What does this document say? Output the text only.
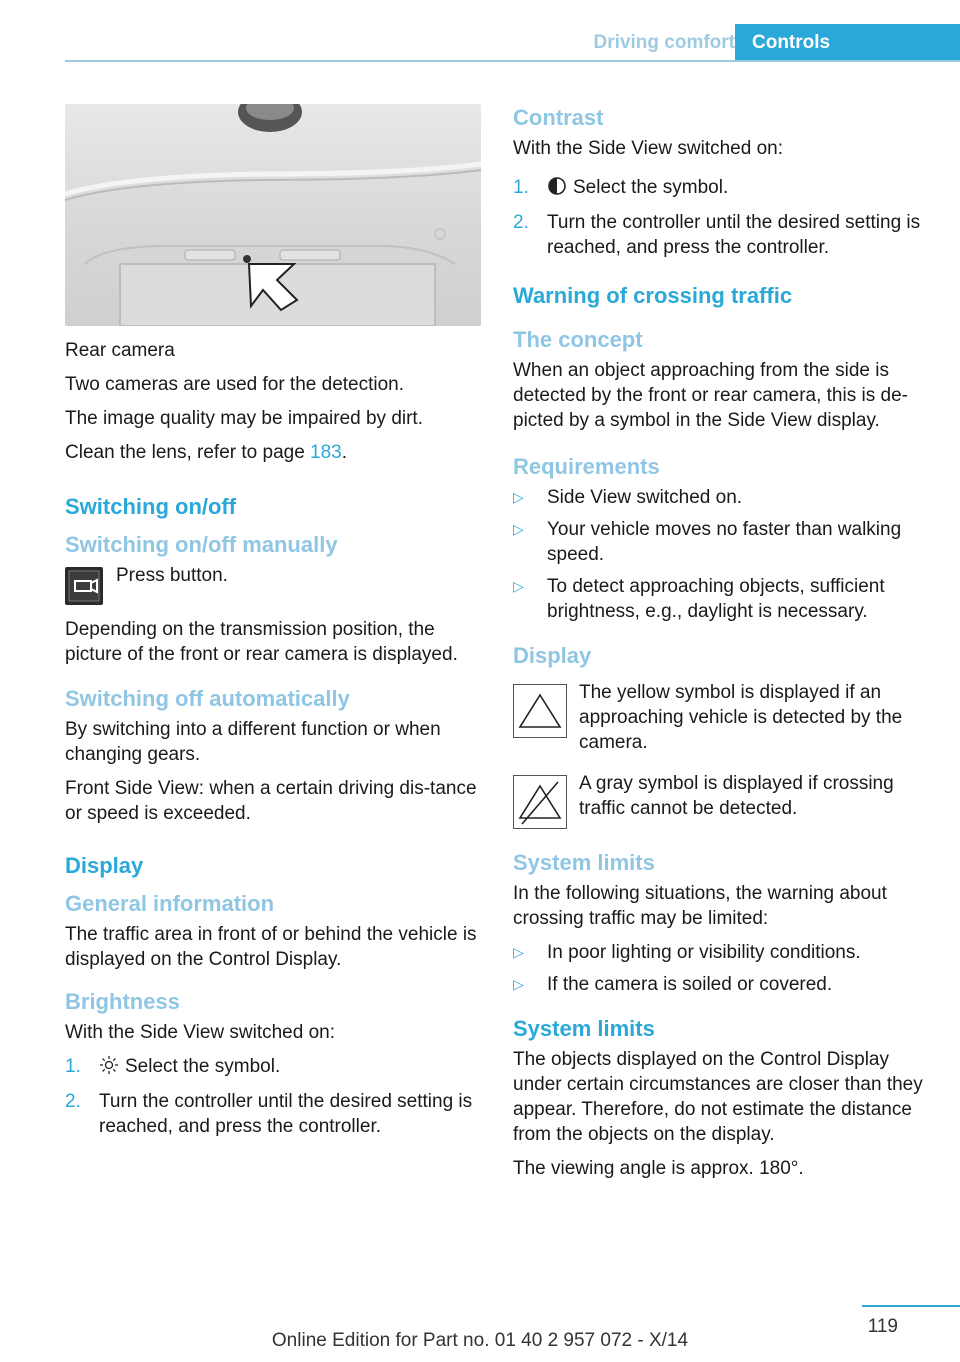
Driving comfort Controls

Rear camera

Two cameras are used for the detection.

The image quality may be impaired by dirt.

Clean the lens, refer to page 183.

Switching on/off
Switching on/off manually
Press button.

Depending on the transmission position, the picture of the front or rear camera is displayed.

Switching off automatically

By switching into a different function or when changing gears.

Front Side View: when a certain driving dis‐tance or speed is exceeded.

Display
General information

The traffic area in front of or behind the vehicle is displayed on the Control Display.

Brightness

With the Side View switched on:

1. Select the symbol.
2. Turn the controller until the desired setting is reached, and press the controller.
Contrast

With the Side View switched on:

1. Select the symbol.
2. Turn the controller until the desired setting is reached, and press the controller.
Warning of crossing traffic
The concept

When an object approaching from the side is detected by the front or rear camera, this is de‐picted by a symbol in the Side View display.

Requirements
▷ Side View switched on.
▷ Your vehicle moves no faster than walking speed.
▷ To detect approaching objects, sufficient brightness, e.g., daylight is necessary.
Display
The yellow symbol is displayed if an approaching vehicle is detected by the camera.
A gray symbol is displayed if crossing traffic cannot be detected.
System limits

In the following situations, the warning about crossing traffic may be limited:

▷ In poor lighting or visibility conditions.
▷ If the camera is soiled or covered.
System limits

The objects displayed on the Control Display under certain circumstances are closer than they appear. Therefore, do not estimate the distance from the objects on the display.

The viewing angle is approx. 180°.

119
Online Edition for Part no. 01 40 2 957 072 - X/14
